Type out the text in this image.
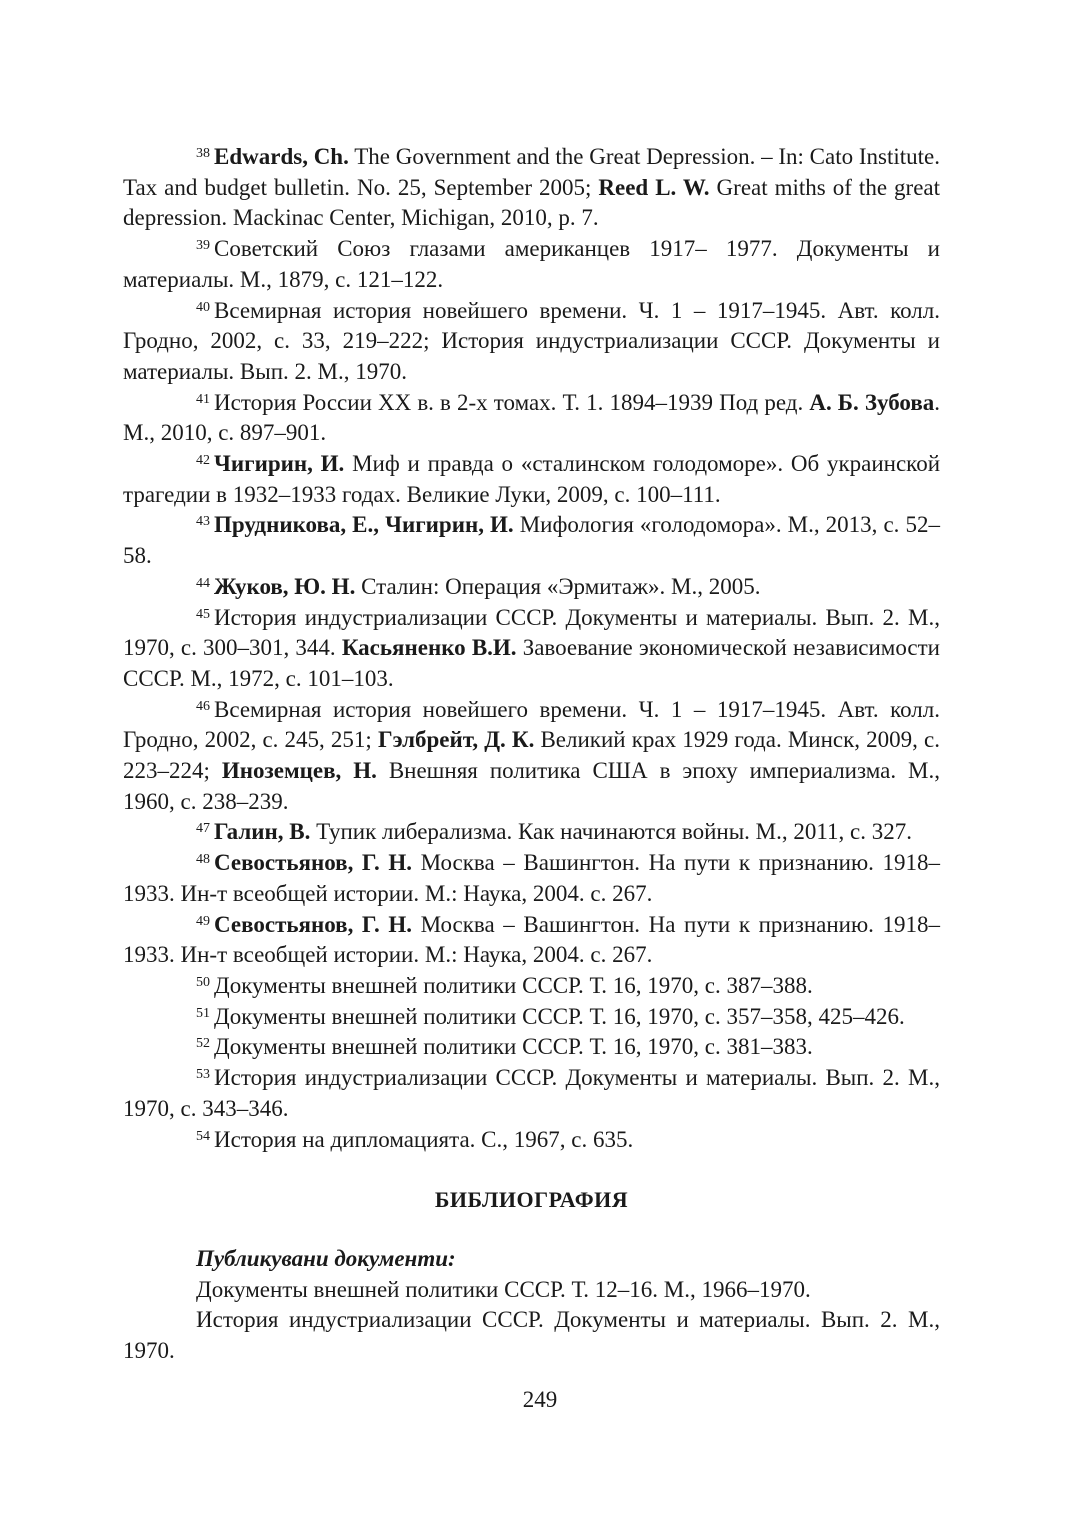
$^{38}$ Edwards, Ch. The Government and the Great Depression. – In: Cato Institute. Tax and budget bulletin. No. 25, September 2005; Reed L. W. Great miths of the great depression. Mackinac Center, Michigan, 2010, p. 7.

$^{39}$ Советский Союз глазами американцев 1917– 1977. Документы и материалы. М., 1879, с. 121–122.

$^{40}$ Всемирная история новейшего времени. Ч. 1 – 1917–1945. Авт. колл. Гродно, 2002, с. 33, 219–222; История индустриализации СССР. Документы и материалы. Вып. 2. М., 1970.

$^{41}$ История России XX в. в 2-х томах. Т. 1. 1894–1939 Под ред. А. Б. Зубова. М., 2010, с. 897–901.

$^{42}$ Чигирин, И. Миф и правда о «сталинском голодоморе». Об украинской трагедии в 1932–1933 годах. Великие Луки, 2009, с. 100–111.

$^{43}$ Прудникова, Е., Чигирин, И. Мифология «голодомора». М., 2013, с. 52–58.

$^{44}$ Жуков, Ю. Н. Сталин: Операция «Эрмитаж». М., 2005.

$^{45}$ История индустриализации СССР. Документы и материалы. Вып. 2. М., 1970, с. 300–301, 344. Касьяненко В.И. Завоевание экономической независимости СССР. М., 1972, с. 101–103.

$^{46}$ Всемирная история новейшего времени. Ч. 1 – 1917–1945. Авт. колл. Гродно, 2002, с. 245, 251; Гэлбрейт, Д. К. Великий крах 1929 года. Минск, 2009, с. 223–224; Иноземцев, Н. Внешняя политика США в эпоху империализма. М., 1960, с. 238–239.

$^{47}$ Галин, В. Тупик либерализма. Как начинаются войны. М., 2011, с. 327.

$^{48}$ Севостьянов, Г. Н. Москва – Вашингтон. На пути к признанию. 1918–1933. Ин-т всеобщей истории. М.: Наука, 2004. с. 267.

$^{49}$ Севостьянов, Г. Н. Москва – Вашингтон. На пути к признанию. 1918–1933. Ин-т всеобщей истории. М.: Наука, 2004. с. 267.

$^{50}$ Документы внешней политики СССР. Т. 16, 1970, с. 387–388.

$^{51}$ Документы внешней политики СССР. Т. 16, 1970, с. 357–358, 425–426.

$^{52}$ Документы внешней политики СССР. Т. 16, 1970, с. 381–383.

$^{53}$ История индустриализации СССР. Документы и материалы. Вып. 2. М., 1970, с. 343–346.

$^{54}$ История на дипломацията. С., 1967, с. 635.

БИБЛИОГРАФИЯ

Публикувани документи:

Документы внешней политики СССР. Т. 12–16. М., 1966–1970.

История индустриализации СССР. Документы и материалы. Вып. 2. М., 1970.

249
